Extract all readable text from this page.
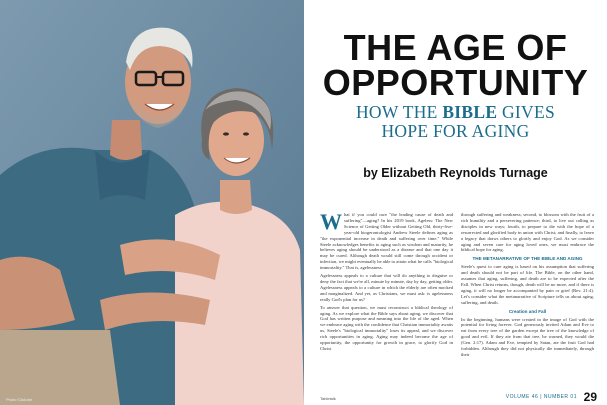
Photo ©Adobe
THE AGE OF
OPPORTUNITY
HOW THE BIBLE GIVES
HOPE FOR AGING
by Elizabeth Reynolds Turnage

What if you could cure "the leading cause of death and suffering"—aging? In his 2019 book, Ageless: The New Science of Getting Older without Getting Old, thirty-five-year-old biogerontologist Andrew Steele defines aging as "the exponential increase in death and suffering over time." While Steele acknowledges benefits to aging such as wisdom and maturity, he believes aging should be understood as a disease and that one day it may be cured. Although death would still come through accident or infection, we might eventually be able to attain what he calls "biological immortality." That is, agelessness.

Agelessness appeals to a culture that will do anything to disguise or deny the fact that we're all, minute by minute, day by day, getting older. Agelessness appeals to a culture in which the elderly are often mocked and marginalized. And yet, as Christians, we must ask: is agelessness really God's plan for us?

To answer that question, we must reconstruct a biblical theology of aging. As we explore what the Bible says about aging, we discover that God has written purpose and meaning into the life of the aged. When we embrace aging with the confidence that Christian immortality awaits us, Steele's "biological immortality" loses its appeal, and we discover rich opportunities in aging. Aging may indeed become the age of opportunity, the opportunity for growth in grace, to glorify God in Christ

through suffering and weakness; second, to blossom with the fruit of a rich humility and a persevering patience; third, to live out calling as disciples in new ways; fourth, to prepare to die with the hope of a resurrected and glorified body in union with Christ; and finally, to leave a legacy that draws others to glorify and enjoy God. As we consider aging and seven care for aging loved ones, we must embrace the biblical hope for aging.

THE METANARRATIVE OF THE BIBLE AND AGING

Steele's quest to cure aging is based on his assumption that suffering and death should not be part of life. The Bible, on the other hand, assumes that aging, suffering, and death are to be expected after the Fall. When Christ returns, though, death will be no more, and if there is aging, it will no longer be accompanied by pain or grief (Rev. 21:4). Let's consider what the metanarrative of Scripture tells us about aging, suffering, and death.

Creation and Fall

In the beginning, humans were created in the image of God with the potential for living forever. God generously invited Adam and Eve to eat from every tree of the garden except the tree of the knowledge of good and evil. If they ate from that tree, he warned, they would die (Gen. 2:17). Adam and Eve, tempted by Satan, ate the fruit God had forbidden. Although they did not physically die immediately, through their

Tabletalk	VOLUME 46 | NUMBER 01 29
